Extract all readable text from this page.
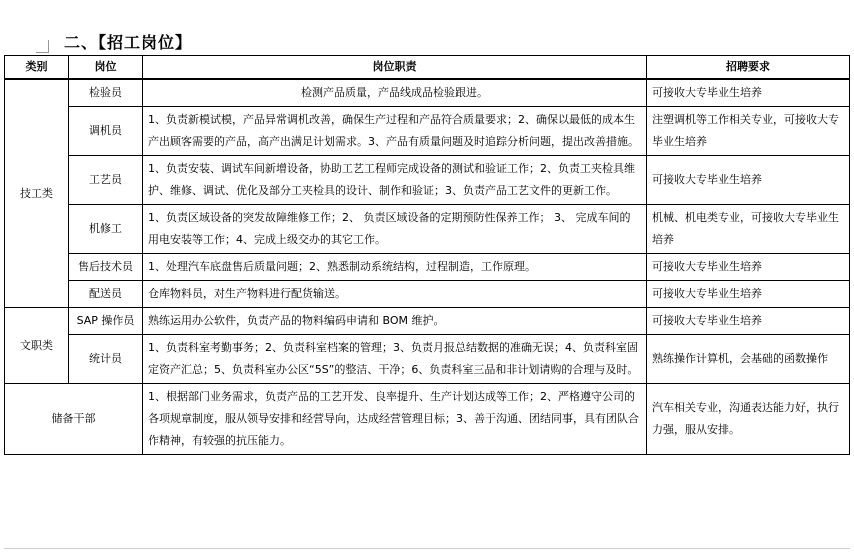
二、【招工岗位】
类别	岗位	岗位职责	招聘要求
技工类	检验员	检测产品质量，产品线成品检验跟进。	可接收大专毕业生培养
	调机员	1、负责新模试模，产品异常调机改善，确保生产过程和产品符合质量要求；2、确保以最低的成本生产出顾客需要的产品，高产出满足计划需求。3、产品有质量问题及时追踪分析问题，提出改善措施。	注塑调机等工作相关专业，可接收大专毕业生培养
	工艺员	1、负责安装、调试车间新增设备，协助工艺工程师完成设备的测试和验证工作；2、负责工夹检具维护、维修、调试、优化及部分工夹检具的设计、制作和验证；3、负责产品工艺文件的更新工作。	可接收大专毕业生培养
	机修工	1、负责区域设备的突发故障维修工作；2、 负责区域设备的定期预防性保养工作； 3、 完成车间的用电安装等工作；4、完成上级交办的其它工作。	机械、机电类专业，可接收大专毕业生培养
	售后技术员	1、处理汽车底盘售后质量问题；2、熟悉制动系统结构，过程制造，工作原理。	可接收大专毕业生培养
	配送员	仓库物料员，对生产物料进行配货输送。	可接收大专毕业生培养
文职类	SAP 操作员	熟练运用办公软件，负责产品的物料编码申请和 BOM 维护。	可接收大专毕业生培养
	统计员	1、负责科室考勤事务；2、负责科室档案的管理；3、负责月报总结数据的准确无误；4、负责科室固定资产汇总；5、负责科室办公区“5S”的整洁、干净；6、负责科室三品和非计划请购的合理与及时。	熟练操作计算机，会基础的函数操作
储备干部		1、根据部门业务需求，负责产品的工艺开发、良率提升、生产计划达成等工作；2、严格遵守公司的各项规章制度，服从领导安排和经营导向，达成经营管理目标；3、善于沟通、团结同事，具有团队合作精神，有较强的抗压能力。	汽车相关专业，沟通表达能力好，执行力强，服从安排。
